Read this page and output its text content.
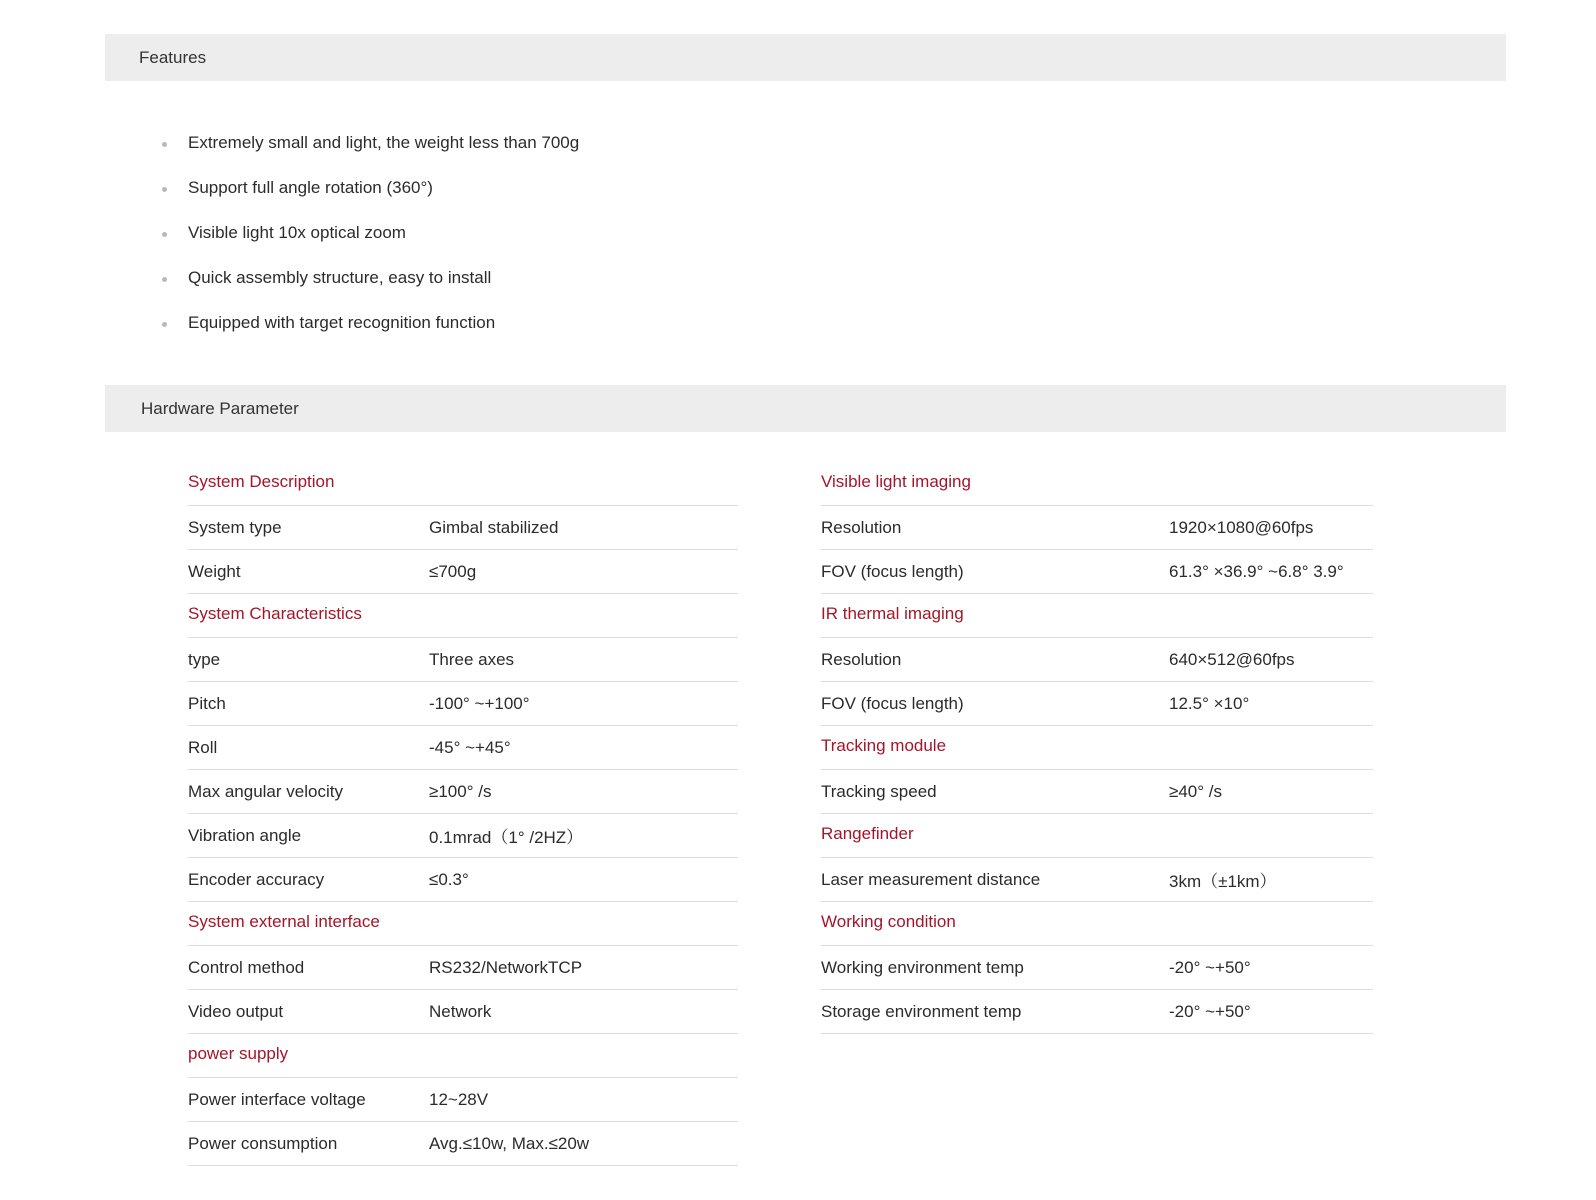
Features
Extremely small and light, the weight less than 700g
Support full angle rotation (360°)
Visible light 10x optical zoom
Quick assembly structure, easy to install
Equipped with target recognition function
Hardware Parameter
System Description
System type	Gimbal stabilized
Weight	≤700g
System Characteristics
type	Three axes
Pitch	-100° ~+100°
Roll	-45° ~+45°
Max angular velocity	≥100° /s
Vibration angle	0.1mrad（1° /2HZ）
Encoder accuracy	≤0.3°
System external interface
Control method	RS232/NetworkTCP
Video output	Network
power supply
Power interface voltage	12~28V
Power consumption	Avg.≤10w, Max.≤20w
Visible light imaging
Resolution	1920×1080@60fps
FOV (focus length)	61.3° ×36.9° ~6.8° 3.9°
IR thermal imaging
Resolution	640×512@60fps
FOV (focus length)	12.5° ×10°
Tracking module
Tracking speed	≥40° /s
Rangefinder
Laser measurement distance	3km（±1km）
Working condition
Working environment temp	-20° ~+50°
Storage environment temp	-20° ~+50°
